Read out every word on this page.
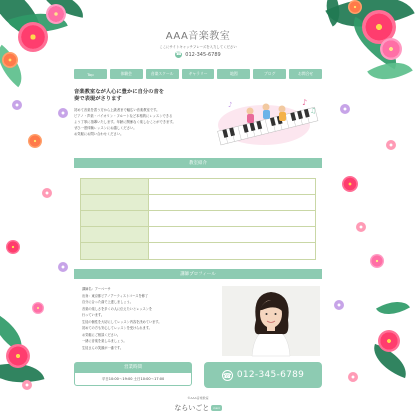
AAA音楽教室
ここにサイトキャッチフレーズを入力してください
☎ 012-345-6789
Top	体験会	音楽スクール	ギャラリー	地図	ブログ	お問合せ
音楽教室なが人心に豊かに自分の音を
奏で表現がさります
初めて音楽を習う方から上級者まで幅広い音楽教室です。
ピアノ・声楽・バイオリン・フルートなど本格的にレッスンできる
よう丁寧に指導いたします。年齢に関係なく楽しむことができます。
ぜひ一度体験レッスンにお越しください。
お気軽にお問い合わせください。
♪
♫
♪
教室紹介
講師プロフィール
講師名：アーベーサ
出身：東京都ピアノアーティストコースを修了
自分に合った曲で上達しましょう。
音楽の楽しさを多くの人に伝えたいとレッスンを
行っています。
生徒の個性を大切にしてレッスン内容を決めています。
初めての方も安心してレッスンを受けられます。
お気軽にご相談ください。
一緒に音楽を楽しみましょう。
生徒さんの笑顔が一番です。
営業時間
平日10:00〜19:00 土日10:00〜17:00	☎ 012-345-6789
©AAA音楽教室
ならいごと	navi
